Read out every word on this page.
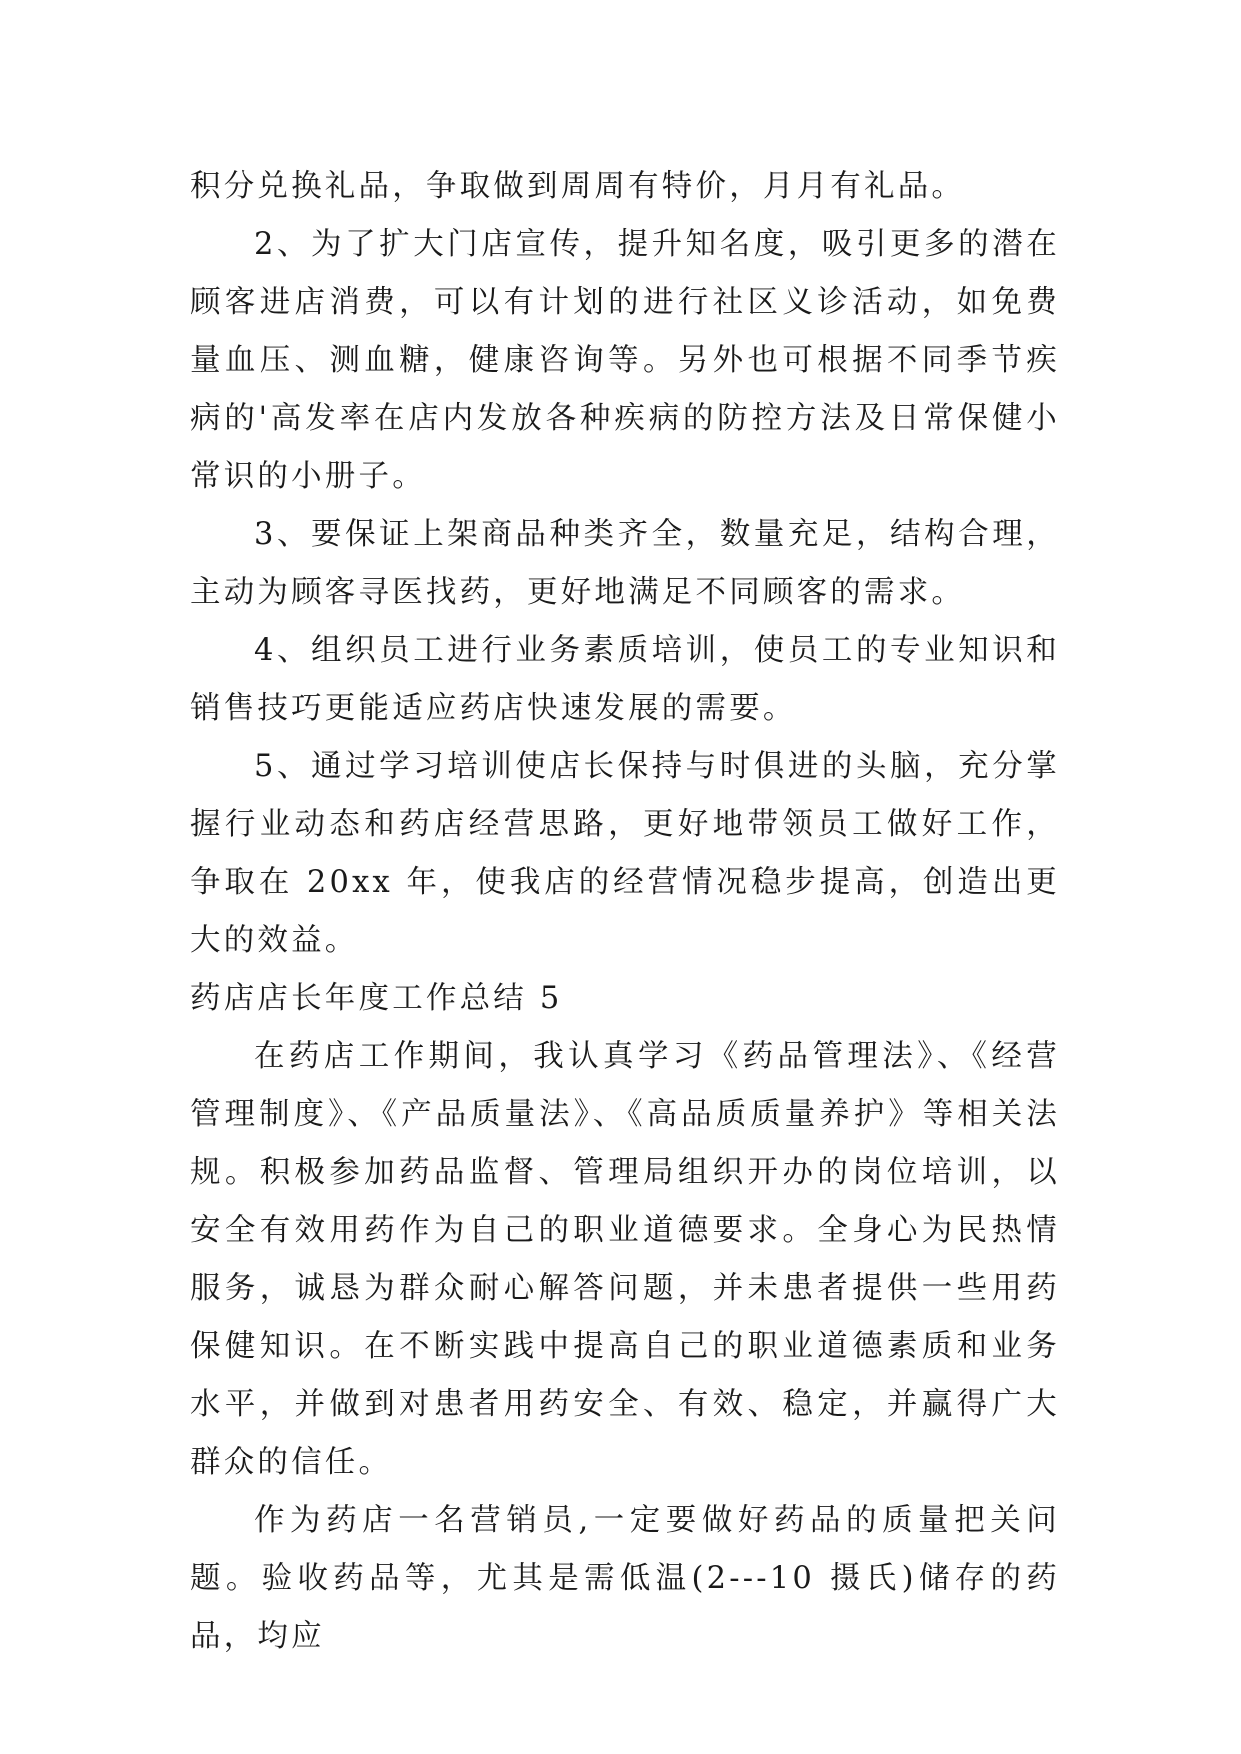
积分兑换礼品，争取做到周周有特价，月月有礼品。

2、为了扩大门店宣传，提升知名度，吸引更多的潜在顾客进店消费，可以有计划的进行社区义诊活动，如免费量血压、测血糖，健康咨询等。另外也可根据不同季节疾病的'高发率在店内发放各种疾病的防控方法及日常保健小常识的小册子。

3、要保证上架商品种类齐全，数量充足，结构合理，主动为顾客寻医找药，更好地满足不同顾客的需求。

4、组织员工进行业务素质培训，使员工的专业知识和销售技巧更能适应药店快速发展的需要。

5、通过学习培训使店长保持与时俱进的头脑，充分掌握行业动态和药店经营思路，更好地带领员工做好工作，争取在 20xx 年，使我店的经营情况稳步提高，创造出更大的效益。

药店店长年度工作总结 5

在药店工作期间，我认真学习《药品管理法》、《经营管理制度》、《产品质量法》、《高品质质量养护》等相关法规。积极参加药品监督、管理局组织开办的岗位培训，以安全有效用药作为自己的职业道德要求。全身心为民热情服务，诚恳为群众耐心解答问题，并未患者提供一些用药保健知识。在不断实践中提高自己的职业道德素质和业务水平，并做到对患者用药安全、有效、稳定，并赢得广大群众的信任。

作为药店一名营销员,一定要做好药品的质量把关问题。验收药品等，尤其是需低温(2---10 摄氏)储存的药品，均应
